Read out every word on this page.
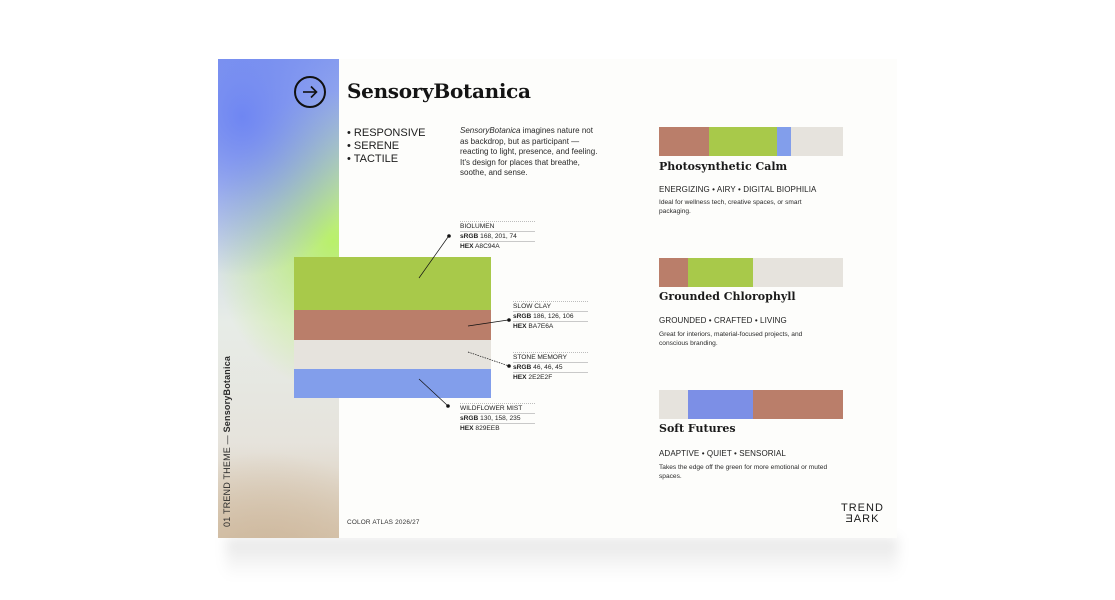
01 TREND THEME — SensoryBotanica
SensoryBotanica
• RESPONSIVE
• SERENE
• TACTILE
SensoryBotanica imagines nature not as backdrop, but as participant — reacting to light, presence, and feeling. It's design for places that breathe, soothe, and sense.
BIOLUMEN
sRGB 168, 201, 74
HEX A8C94A
SLOW CLAY
sRGB 186, 126, 106
HEX BA7E6A
STONE MEMORY
sRGB 46, 46, 45
HEX 2E2E2F
WILDFLOWER MIST
sRGB 130, 158, 235
HEX 829EEB
Photosynthetic Calm
ENERGIZING • AIRY • DIGITAL BIOPHILIA
Ideal for wellness tech, creative spaces, or smart packaging.
Grounded Chlorophyll
GROUNDED • CRAFTED • LIVING
Great for interiors, material-focused projects, and conscious branding.
Soft Futures
ADAPTIVE • QUIET • SENSORIAL
Takes the edge off the green for more emotional or muted spaces.
COLOR ATLAS 2026/27
TREND
ƎARK
